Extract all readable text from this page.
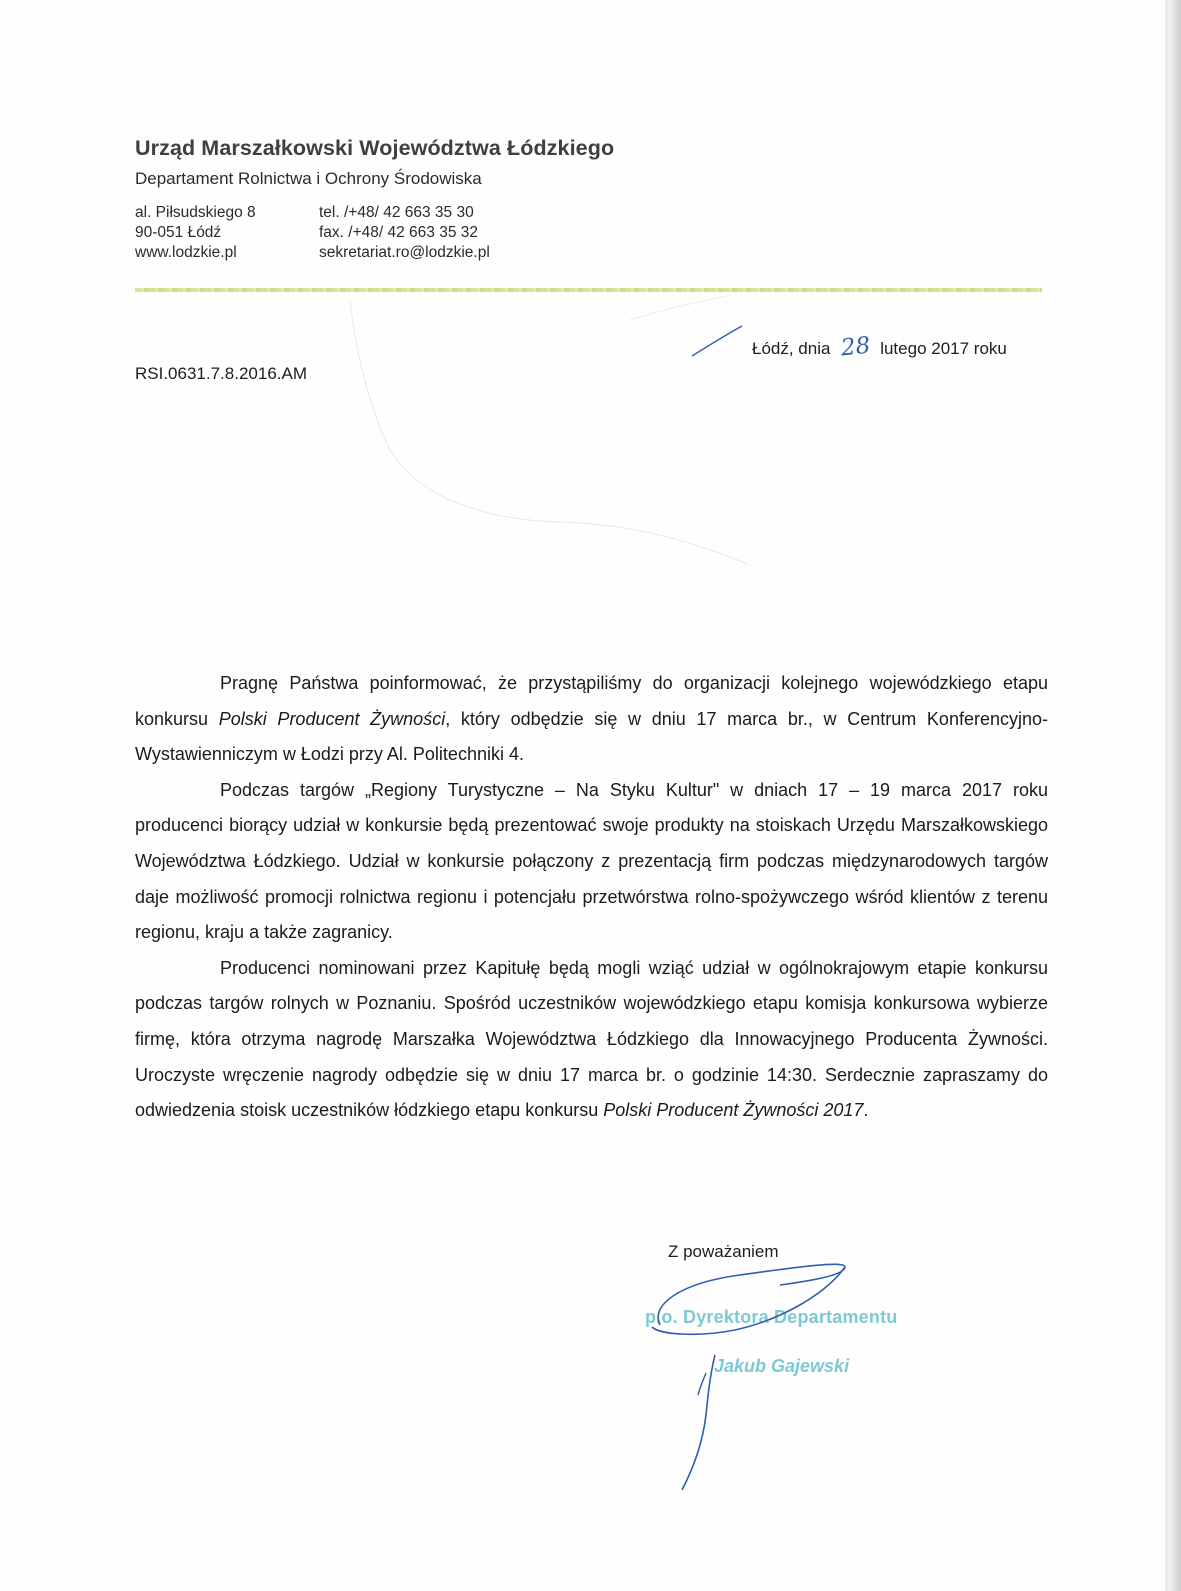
Urząd Marszałkowski Województwa Łódzkiego
Departament Rolnictwa i Ochrony Środowiska
al. Piłsudskiego 8
90-051 Łódź
www.lodzkie.pl
tel. /+48/ 42 663 35 30
fax. /+48/ 42 663 35 32
sekretariat.ro@lodzkie.pl
Łódź, dnia 28 lutego 2017 roku
RSI.0631.7.8.2016.AM

Pragnę Państwa poinformować, że przystąpiliśmy do organizacji kolejnego wojewódzkiego etapu konkursu Polski Producent Żywności, który odbędzie się w dniu 17 marca br., w Centrum Konferencyjno-Wystawienniczym w Łodzi przy Al. Politechniki 4.

Podczas targów „Regiony Turystyczne – Na Styku Kultur" w dniach 17 – 19 marca 2017 roku producenci biorący udział w konkursie będą prezentować swoje produkty na stoiskach Urzędu Marszałkowskiego Województwa Łódzkiego. Udział w konkursie połączony z prezentacją firm podczas międzynarodowych targów daje możliwość promocji rolnictwa regionu i potencjału przetwórstwa rolno-spożywczego wśród klientów z terenu regionu, kraju a także zagranicy.

Producenci nominowani przez Kapitułę będą mogli wziąć udział w ogólnokrajowym etapie konkursu podczas targów rolnych w Poznaniu. Spośród uczestników wojewódzkiego etapu komisja konkursowa wybierze firmę, która otrzyma nagrodę Marszałka Województwa Łódzkiego dla Innowacyjnego Producenta Żywności. Uroczyste wręczenie nagrody odbędzie się w dniu 17 marca br. o godzinie 14:30. Serdecznie zapraszamy do odwiedzenia stoisk uczestników łódzkiego etapu konkursu Polski Producent Żywności 2017.

Z poważaniem
p.o. Dyrektora Departamentu
Jakub Gajewski
